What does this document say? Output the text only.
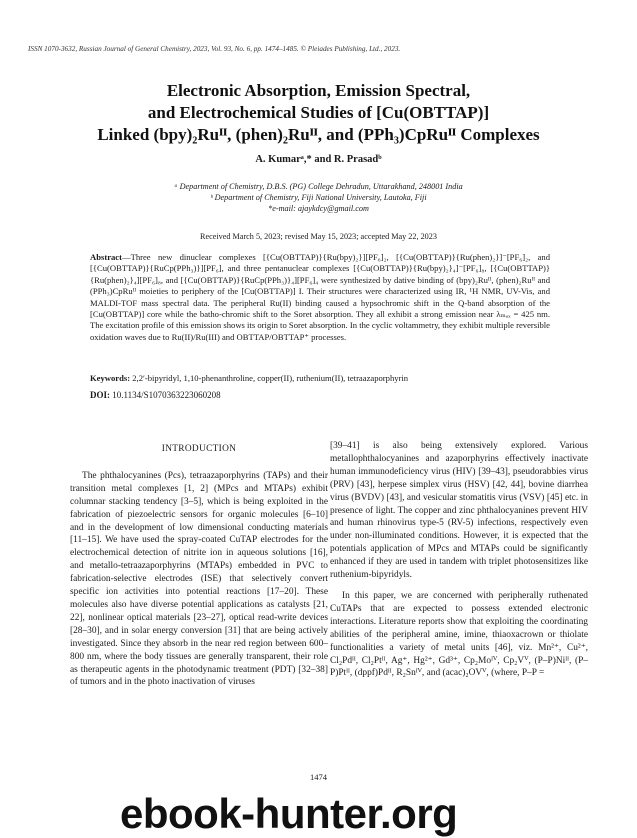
ISSN 1070-3632, Russian Journal of General Chemistry, 2023, Vol. 93, No. 6, pp. 1474–1485. © Pleiades Publishing, Ltd., 2023.
Electronic Absorption, Emission Spectral,
and Electrochemical Studies of [Cu(OBTTAP)]
Linked (bpy)₂Ruᴵᴵ, (phen)₂Ruᴵᴵ, and (PPh₃)CpRuᴵᴵ Complexes
A. Kumarᵃ,* and R. Prasadᵇ
ᵃ Department of Chemistry, D.B.S. (PG) College Dehradun, Uttarakhand, 248001 India
ᵇ Department of Chemistry, Fiji National University, Lautoka, Fiji
*e-mail: ajaykdcy@gmail.com
Received March 5, 2023; revised May 15, 2023; accepted May 22, 2023
Abstract—Three new dinuclear complexes [{Cu(OBTTAP)}{Ru(bpy)₂}][PF₆]₂, [{Cu(OBTTAP)}{Ru(phen)₂}]⁻[PF₆]₂, and [{Cu(OBTTAP)}{RuCp(PPh₃)}][PF₆], and three pentanuclear complexes [{Cu(OBTTAP)}{Ru(bpy)₂}₄]⁻[PF₆]₈, [{Cu(OBTTAP)}{Ru(phen)₂}₄][PF₆]₈, and [{Cu(OBTTAP)}{RuCp(PPh₃)}₄][PF₆]₄ were synthesized by dative binding of (bpy)₂Ruᴵᴵ, (phen)₂Ruᴵᴵ and (PPh₃)CpRuᴵᴵ moieties to periphery of the [Cu(OBTTAP)] I. Their structures were characterized using IR, ¹H NMR, UV-Vis, and MALDI-TOF mass spectral data. The peripheral Ru(II) binding caused a hypsochromic shift in the Q-band absorption of the [Cu(OBTTAP)] core while the batho-chromic shift to the Soret absorption. They all exhibit a strong emission near λₘₐₓ = 425 nm. The excitation profile of this emission shows its origin to Soret absorption. In the cyclic voltammetry, they exhibit multiple reversible oxidation waves due to Ru(II)/Ru(III) and OBTTAP/OBTTAP⁺ processes.
Keywords: 2,2′-bipyridyl, 1,10-phenanthroline, copper(II), ruthenium(II), tetraazaporphyrin
DOI: 10.1134/S1070363223060208
INTRODUCTION

The phthalocyanines (Pcs), tetraazaporphyrins (TAPs) and their transition metal complexes [1, 2] (MPcs and MTAPs) exhibit columnar stacking tendency [3–5], which is being exploited in the fabrication of piezoelectric sensors for organic molecules [6–10] and in the development of low dimensional conducting materials [11–15]. We have used the spray-coated CuTAP electrodes for the electrochemical detection of nitrite ion in aqueous solutions [16], and metallo-tetraazaporphyrins (MTAPs) embedded in PVC to fabrication-selective electrodes (ISE) that selectively convert specific ion activities into potential reactions [17–20]. These molecules also have diverse potential applications as catalysts [21, 22], nonlinear optical materials [23–27], optical read-write devices [28–30], and in solar energy conversion [31] that are being actively investigated. Since they absorb in the near red region between 600–800 nm, where the body tissues are generally transparent, their role as therapeutic agents in the photodynamic treatment (PDT) [32–38] of tumors and in the photo inactivation of viruses

[39–41] is also being extensively explored. Various metallophthalocyanines and azaporphyrins effectively inactivate human immunodeficiency virus (HIV) [39–43], pseudorabbies virus (PRV) [43], herpese simplex virus (HSV) [42, 44], bovine diarrhea virus (BVDV) [43], and vesicular stomatitis virus (VSV) [45] etc. in presence of light. The copper and zinc phthalocyanines prevent HIV and human rhinovirus type-5 (RV-5) infections, respectively even under non-illuminated conditions. However, it is expected that the potentials application of MPcs and MTAPs could be significantly enhanced if they are used in tandem with triplet photosensitizes like ruthenium-bipyridyls.

In this paper, we are concerned with peripherally ruthenated CuTAPs that are expected to possess extended electronic interactions. Literature reports show that exploiting the coordinating abilities of the peripheral amine, imine, thiaoxacrown or thiolate functionalities a variety of metal units [46], viz. Mn²⁺, Cu²⁺, Cl₂Pdᴵᴵ, Cl₂Ptᴵᴵ, Ag⁺, Hg²⁺, Gd³⁺, Cp₂Moᴵⱽ, Cp₂Vⱽ, (P–P)Niᴵᴵ, (P–P)Ptᴵᴵ, (dppf)Pdᴵᴵ, R₂Snᴵⱽ, and (acac)₂OVⱽ, (where, P–P =

1474
ebook-hunter.org
